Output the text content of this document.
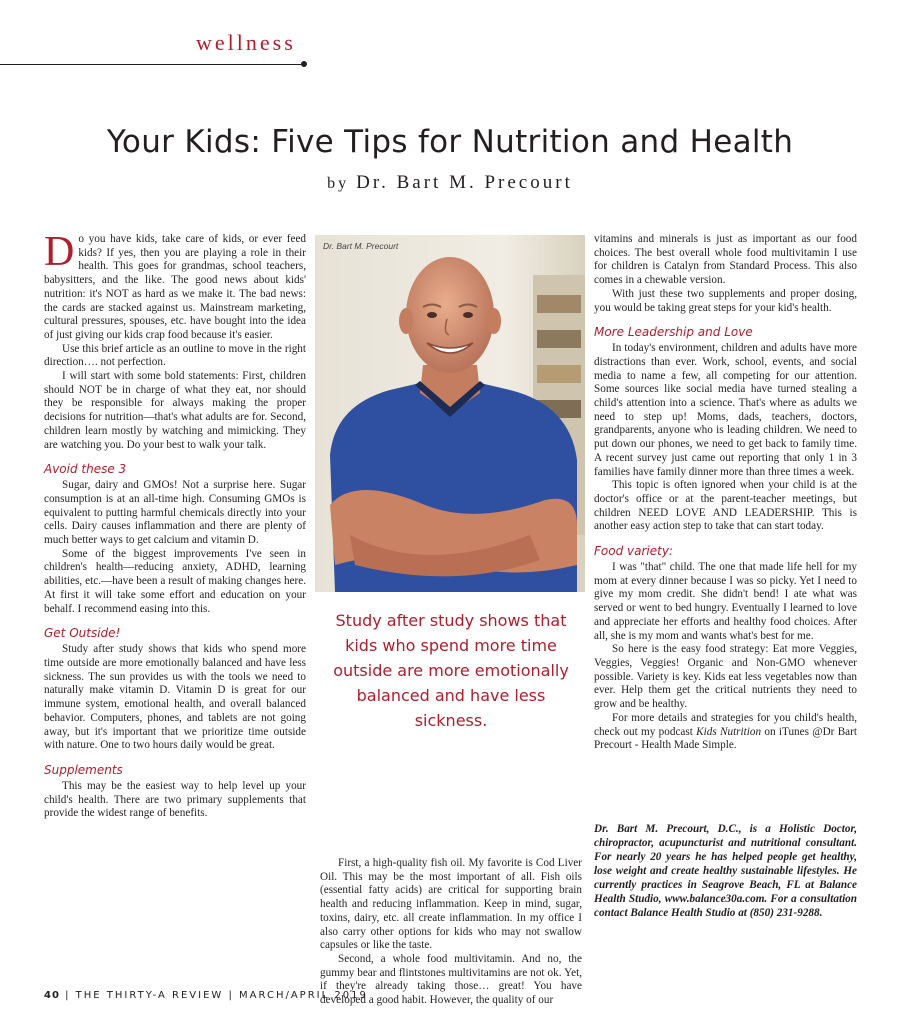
wellness
Your Kids: Five Tips for Nutrition and Health
by Dr. Bart M. Precourt

Do you have kids, take care of kids, or ever feed kids? If yes, then you are playing a role in their health. This goes for grandmas, school teachers, babysitters, and the like. The good news about kids' nutrition: it's NOT as hard as we make it. The bad news: the cards are stacked against us. Mainstream marketing, cultural pressures, spouses, etc. have bought into the idea of just giving our kids crap food because it's easier.

Use this brief article as an outline to move in the right direction…. not perfection.

I will start with some bold statements: First, children should NOT be in charge of what they eat, nor should they be responsible for always making the proper decisions for nutrition—that's what adults are for. Second, children learn mostly by watching and mimicking. They are watching you. Do your best to walk your talk.

Avoid these 3

Sugar, dairy and GMOs! Not a surprise here. Sugar consumption is at an all-time high. Consuming GMOs is equivalent to putting harmful chemicals directly into your cells. Dairy causes inflammation and there are plenty of much better ways to get calcium and vitamin D.

Some of the biggest improvements I've seen in children's health—reducing anxiety, ADHD, learning abilities, etc.—have been a result of making changes here. At first it will take some effort and education on your behalf. I recommend easing into this.

Get Outside!

Study after study shows that kids who spend more time outside are more emotionally balanced and have less sickness. The sun provides us with the tools we need to naturally make vitamin D. Vitamin D is great for our immune system, emotional health, and overall balanced behavior. Computers, phones, and tablets are not going away, but it's important that we prioritize time outside with nature. One to two hours daily would be great.

Supplements

This may be the easiest way to help level up your child's health. There are two primary supplements that provide the widest range of benefits.

Dr. Bart M. Precourt
Study after study shows that kids who spend more time outside are more emotionally balanced and have less sickness.

First, a high-quality fish oil. My favorite is Cod Liver Oil. This may be the most important of all. Fish oils (essential fatty acids) are critical for supporting brain health and reducing inflammation. Keep in mind, sugar, toxins, dairy, etc. all create inflammation. In my office I also carry other options for kids who may not swallow capsules or like the taste.

Second, a whole food multivitamin. And no, the gummy bear and flintstones multivitamins are not ok. Yet, if they're already taking those… great! You have developed a good habit. However, the quality of our

vitamins and minerals is just as important as our food choices. The best overall whole food multivitamin I use for children is Catalyn from Standard Process. This also comes in a chewable version.

With just these two supplements and proper dosing, you would be taking great steps for your kid's health.

More Leadership and Love

In today's environment, children and adults have more distractions than ever. Work, school, events, and social media to name a few, all competing for our attention. Some sources like social media have turned stealing a child's attention into a science. That's where as adults we need to step up! Moms, dads, teachers, doctors, grandparents, anyone who is leading children. We need to put down our phones, we need to get back to family time. A recent survey just came out reporting that only 1 in 3 families have family dinner more than three times a week.

This topic is often ignored when your child is at the doctor's office or at the parent-teacher meetings, but children NEED LOVE AND LEADERSHIP. This is another easy action step to take that can start today.

Food variety:

I was "that" child. The one that made life hell for my mom at every dinner because I was so picky. Yet I need to give my mom credit. She didn't bend! I ate what was served or went to bed hungry. Eventually I learned to love and appreciate her efforts and healthy food choices. After all, she is my mom and wants what's best for me.

So here is the easy food strategy: Eat more Veggies, Veggies, Veggies! Organic and Non-GMO whenever possible. Variety is key. Kids eat less vegetables now than ever. Help them get the critical nutrients they need to grow and be healthy.

For more details and strategies for you child's health, check out my podcast Kids Nutrition on iTunes @Dr Bart Precourt - Health Made Simple.

Dr. Bart M. Precourt, D.C., is a Holistic Doctor, chiropractor, acupuncturist and nutritional consultant. For nearly 20 years he has helped people get healthy, lose weight and create healthy sustainable lifestyles. He currently practices in Seagrove Beach, FL at Balance Health Studio, www.balance30a.com. For a consultation contact Balance Health Studio at (850) 231-9288.

40 | THE THIRTY-A REVIEW | MARCH/APRIL 2019
